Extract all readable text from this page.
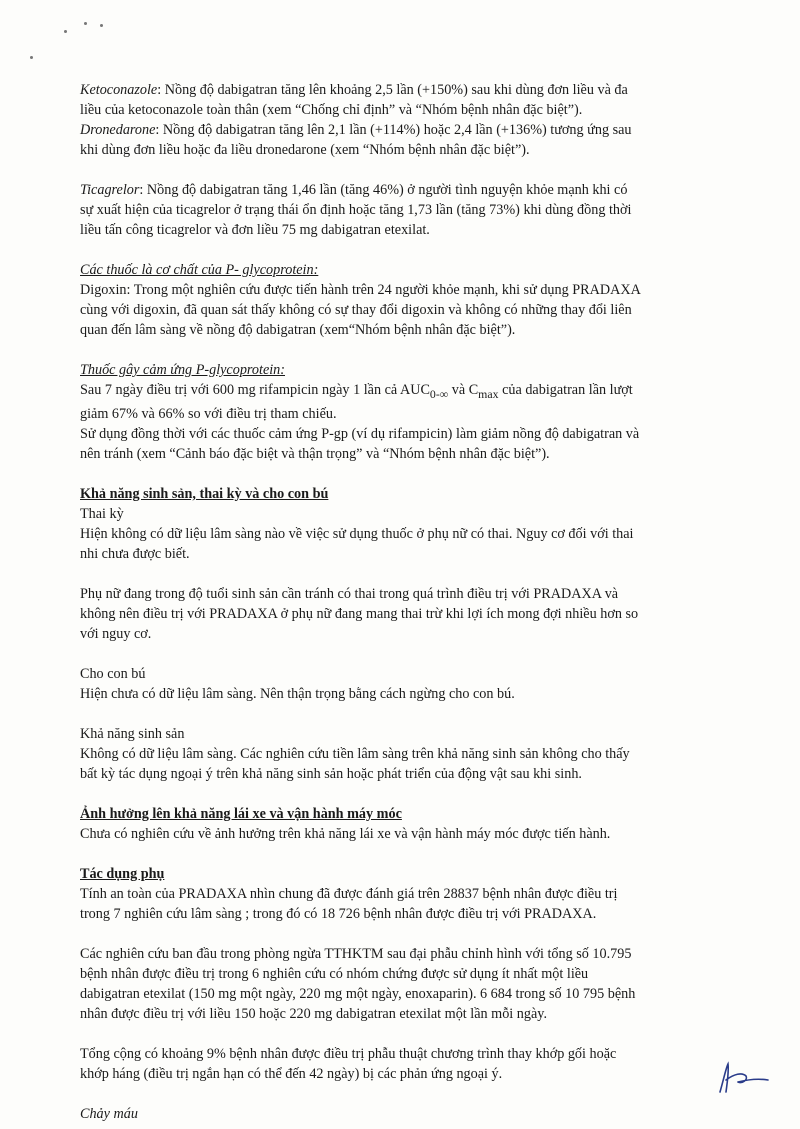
Ketoconazole: Nồng độ dabigatran tăng lên khoảng 2,5 lần (+150%) sau khi dùng đơn liều và đa

liều của ketoconazole toàn thân (xem “Chống chỉ định” và “Nhóm bệnh nhân đặc biệt”).

Dronedarone: Nồng độ dabigatran tăng lên 2,1 lần (+114%) hoặc 2,4 lần (+136%) tương ứng sau

khi dùng đơn liều hoặc đa liều dronedarone (xem “Nhóm bệnh nhân đặc biệt”).

Ticagrelor: Nồng độ dabigatran tăng 1,46 lần (tăng 46%) ở người tình nguyện khỏe mạnh khi có

sự xuất hiện của ticagrelor ở trạng thái ổn định hoặc tăng 1,73 lần (tăng 73%) khi dùng đồng thời

liều tấn công ticagrelor và đơn liều 75 mg dabigatran etexilat.

Các thuốc là cơ chất của P- glycoprotein:

Digoxin: Trong một nghiên cứu được tiến hành trên 24 người khỏe mạnh, khi sử dụng PRADAXA

cùng với digoxin, đã quan sát thấy không có sự thay đổi digoxin và không có những thay đổi liên

quan đến lâm sàng về nồng độ dabigatran (xem“Nhóm bệnh nhân đặc biệt”).

Thuốc gây cảm ứng P-glycoprotein:

Sau 7 ngày điều trị với 600 mg rifampicin ngày 1 lần cả $AUC_{0-\infty}$ và $C_{max}$ của dabigatran lần lượt

giảm 67% và 66% so với điều trị tham chiếu.

Sử dụng đồng thời với các thuốc cảm ứng P-gp (ví dụ rifampicin) làm giảm nồng độ dabigatran và

nên tránh (xem “Cảnh báo đặc biệt và thận trọng” và “Nhóm bệnh nhân đặc biệt”).

Khả năng sinh sản, thai kỳ và cho con bú

Thai kỳ

Hiện không có dữ liệu lâm sàng nào về việc sử dụng thuốc ở phụ nữ có thai. Nguy cơ đối với thai

nhi chưa được biết.

Phụ nữ đang trong độ tuổi sinh sản cần tránh có thai trong quá trình điều trị với PRADAXA và

không nên điều trị với PRADAXA ở phụ nữ đang mang thai trừ khi lợi ích mong đợi nhiều hơn so

với nguy cơ.

Cho con bú

Hiện chưa có dữ liệu lâm sàng. Nên thận trọng bằng cách ngừng cho con bú.

Khả năng sinh sản

Không có dữ liệu lâm sàng. Các nghiên cứu tiền lâm sàng trên khả năng sinh sản không cho thấy

bất kỳ tác dụng ngoại ý trên khả năng sinh sản hoặc phát triển của động vật sau khi sinh.

Ảnh hưởng lên khả năng lái xe và vận hành máy móc

Chưa có nghiên cứu về ảnh hưởng trên khả năng lái xe và vận hành máy móc được tiến hành.

Tác dụng phụ

Tính an toàn của PRADAXA nhìn chung đã được đánh giá trên 28837 bệnh nhân được điều trị

trong 7 nghiên cứu lâm sàng ; trong đó có 18 726 bệnh nhân được điều trị với PRADAXA.

Các nghiên cứu ban đầu trong phòng ngừa TTHKTM sau đại phẫu chỉnh hình với tổng số 10.795

bệnh nhân được điều trị trong 6 nghiên cứu có nhóm chứng được sử dụng ít nhất một liều

dabigatran etexilat (150 mg một ngày, 220 mg một ngày, enoxaparin). 6 684 trong số 10 795 bệnh

nhân được điều trị với liều 150 hoặc 220 mg dabigatran etexilat một lần mỗi ngày.

Tổng cộng có khoảng 9% bệnh nhân được điều trị phẫu thuật chương trình thay khớp gối hoặc

khớp háng (điều trị ngắn hạn có thể đến 42 ngày) bị các phản ứng ngoại ý.

Chảy máu
